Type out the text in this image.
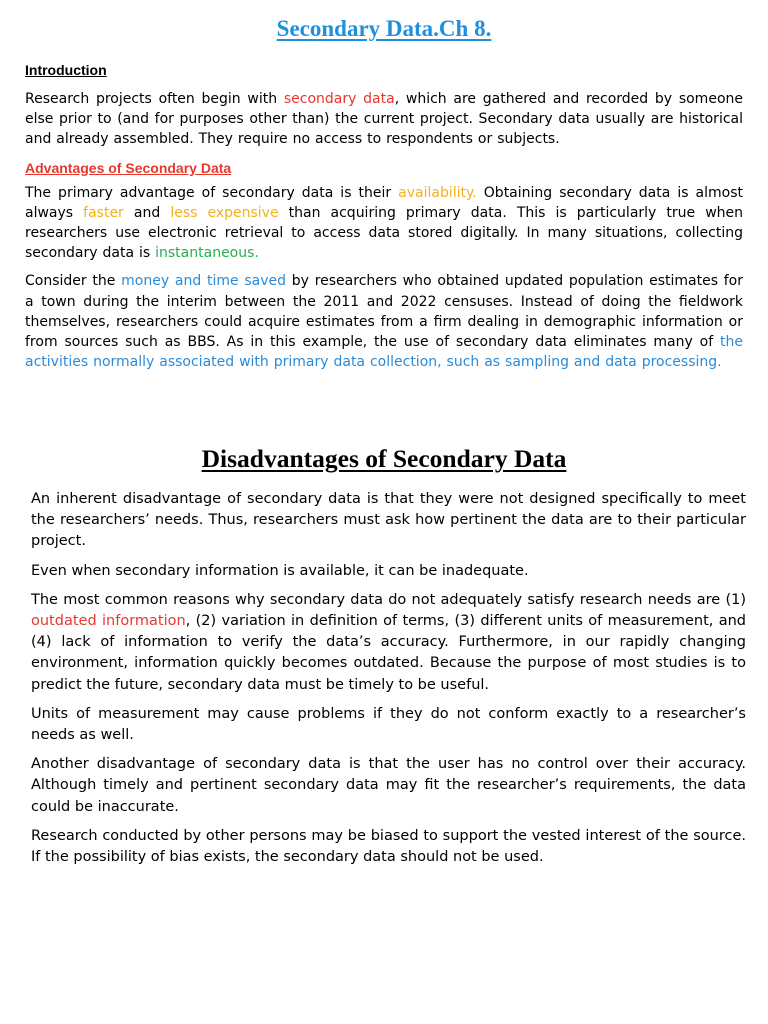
Secondary Data.Ch 8.
Introduction

Research projects often begin with secondary data, which are gathered and recorded by someone else prior to (and for purposes other than) the current project. Secondary data usually are historical and already assembled. They require no access to respondents or subjects.

Advantages of Secondary Data

The primary advantage of secondary data is their availability. Obtaining secondary data is almost always faster and less expensive than acquiring primary data. This is particularly true when researchers use electronic retrieval to access data stored digitally. In many situations, collecting secondary data is instantaneous.

Consider the money and time saved by researchers who obtained updated population estimates for a town during the interim between the 2011 and 2022 censuses. Instead of doing the fieldwork themselves, researchers could acquire estimates from a firm dealing in demographic information or from sources such as BBS. As in this example, the use of secondary data eliminates many of the activities normally associated with primary data collection, such as sampling and data processing.

Disadvantages of Secondary Data

An inherent disadvantage of secondary data is that they were not designed specifically to meet the researchers’ needs. Thus, researchers must ask how pertinent the data are to their particular project.

Even when secondary information is available, it can be inadequate.

The most common reasons why secondary data do not adequately satisfy research needs are (1) outdated information, (2) variation in definition of terms, (3) different units of measurement, and (4) lack of information to verify the data’s accuracy. Furthermore, in our rapidly changing environment, information quickly becomes outdated. Because the purpose of most studies is to predict the future, secondary data must be timely to be useful.

Units of measurement may cause problems if they do not conform exactly to a researcher’s needs as well.

Another disadvantage of secondary data is that the user has no control over their accuracy. Although timely and pertinent secondary data may fit the researcher’s requirements, the data could be inaccurate.

Research conducted by other persons may be biased to support the vested interest of the source. If the possibility of bias exists, the secondary data should not be used.
